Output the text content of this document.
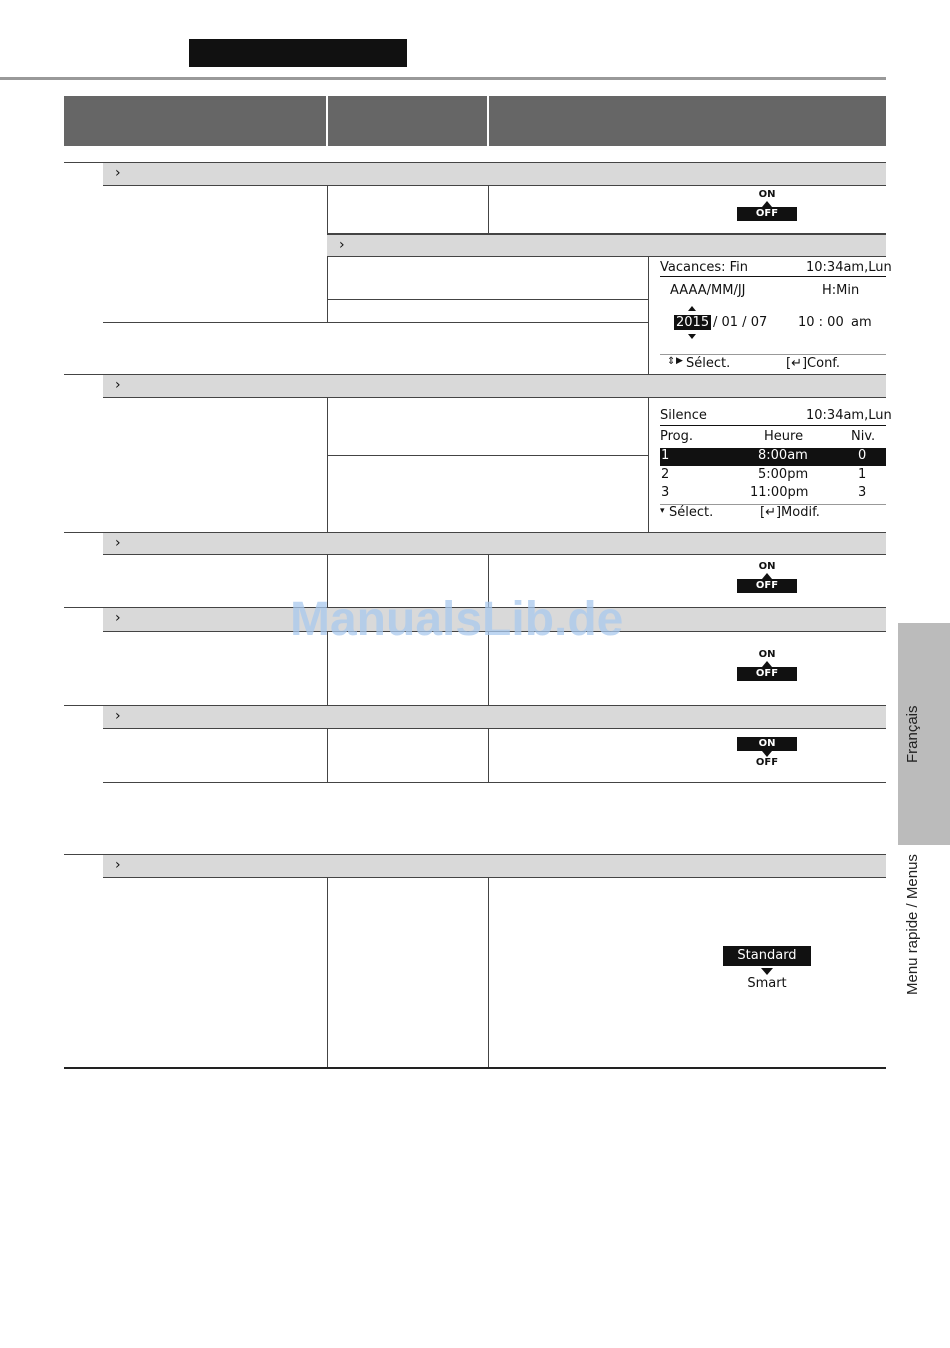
›
ON
OFF
›
Vacances: Fin	10:34am,Lun
AAAA/MM/JJ	H:Min
2015 / 01 / 07 10 : 00 am
⇕ ▶ Sélect.	[↵]Conf.
›
Silence	10:34am,Lun
Prog.	Heure	Niv.
1	8:00am	0
2	5:00pm	1
3	11:00pm	3
▾ Sélect.	[↵]Modif.
›
ON
OFF
›
ON
OFF
›
ON
OFF
›
Standard
Smart
Français
Menu rapide / Menus
ManualsLib.de
